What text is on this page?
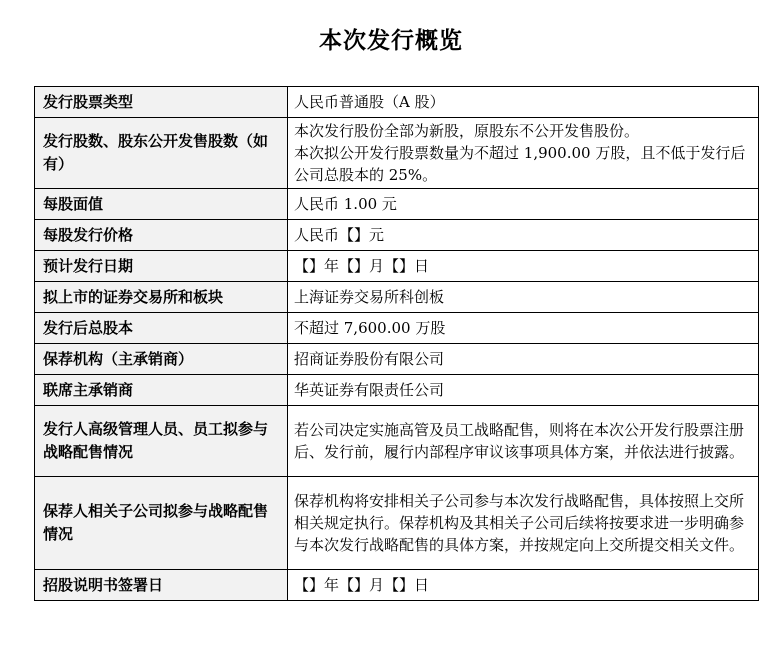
本次发行概览
发行股票类型	人民币普通股（A 股）

发行股数、股东公开发售股数（如有）	本次发行股份全部为新股，原股东不公开发售股份。
本次拟公开发行股票数量为不超过 1,900.00 万股，且不低于发行后公司总股本的 25%。

每股面值	人民币 1.00 元

每股发行价格	人民币【】元

预计发行日期	【】年【】月【】日

拟上市的证券交易所和板块	上海证券交易所科创板

发行后总股本	不超过 7,600.00 万股

保荐机构（主承销商）	招商证券股份有限公司

联席主承销商	华英证券有限责任公司

发行人高级管理人员、员工拟参与战略配售情况	若公司决定实施高管及员工战略配售，则将在本次公开发行股票注册后、发行前，履行内部程序审议该事项具体方案，并依法进行披露。

保荐人相关子公司拟参与战略配售情况	保荐机构将安排相关子公司参与本次发行战略配售，具体按照上交所相关规定执行。保荐机构及其相关子公司后续将按要求进一步明确参与本次发行战略配售的具体方案，并按规定向上交所提交相关文件。

招股说明书签署日	【】年【】月【】日
